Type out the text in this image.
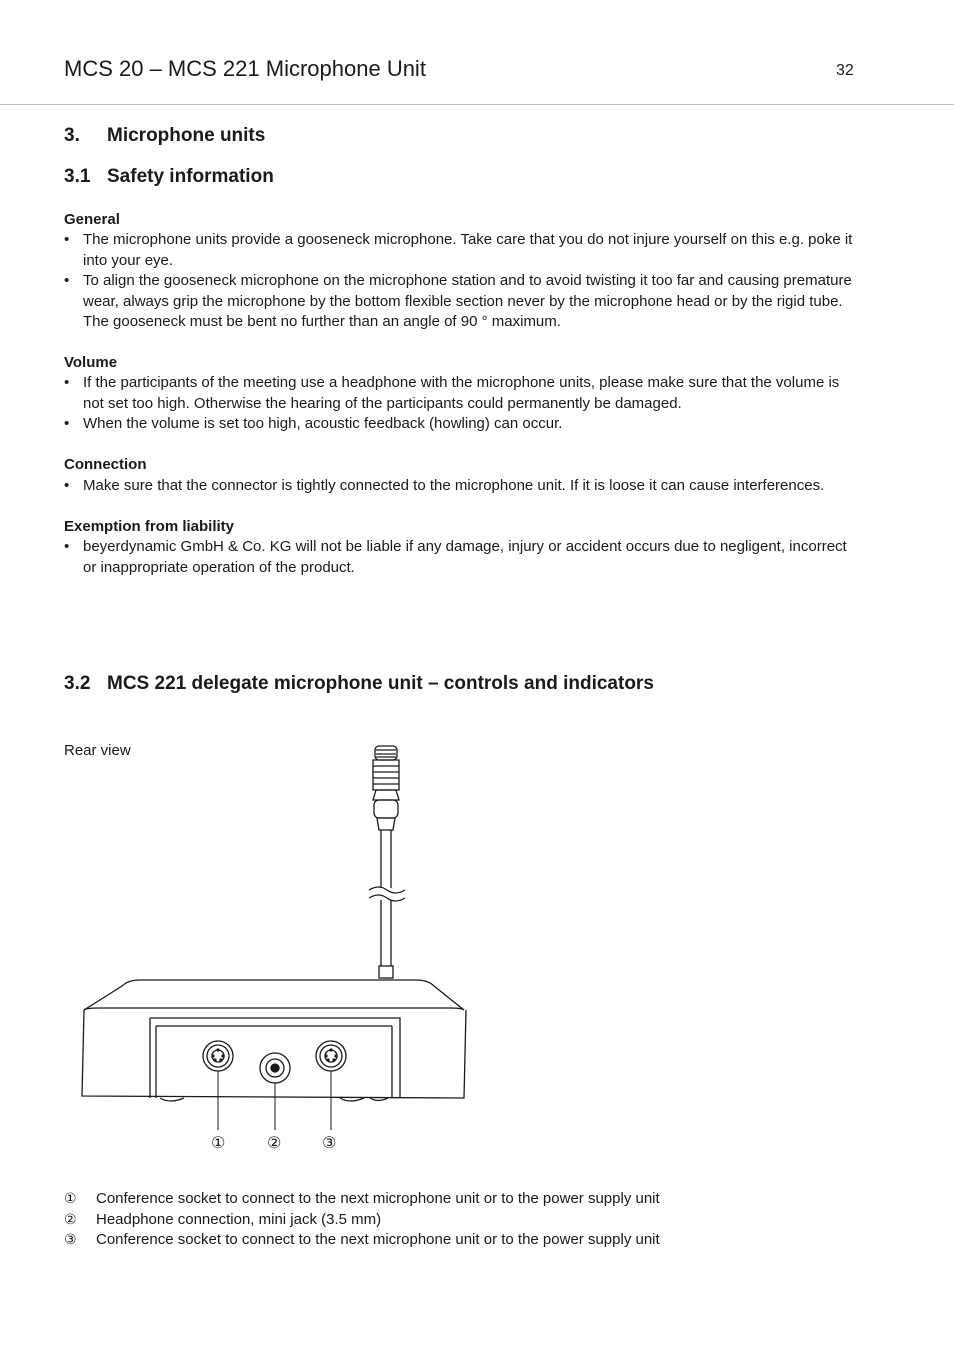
MCS 20 – MCS 221 Microphone Unit	32
3. Microphone units
3.1 Safety information
General
• The microphone units provide a gooseneck microphone. Take care that you do not injure yourself on this e.g. poke it into your eye.
• To align the gooseneck microphone on the microphone station and to avoid twisting it too far and causing premature wear, always grip the microphone by the bottom flexible section never by the microphone head or by the rigid tube. The gooseneck must be bent no further than an angle of 90 ° maximum.
Volume
• If the participants of the meeting use a headphone with the microphone units, please make sure that the volume is not set too high. Otherwise the hearing of the participants could permanently be damaged.
• When the volume is set too high, acoustic feedback (howling) can occur.
Connection
• Make sure that the connector is tightly connected to the microphone unit. If it is loose it can cause interferences.
Exemption from liability
• beyerdynamic GmbH & Co. KG will not be liable if any damage, injury or accident occurs due to negligent, incorrect or inappropriate operation of the product.
3.2 MCS 221 delegate microphone unit – controls and indicators
Rear view
①	②	③
①	Conference socket to connect to the next microphone unit or to the power supply unit
②	Headphone connection, mini jack (3.5 mm)
③	Conference socket to connect to the next microphone unit or to the power supply unit
